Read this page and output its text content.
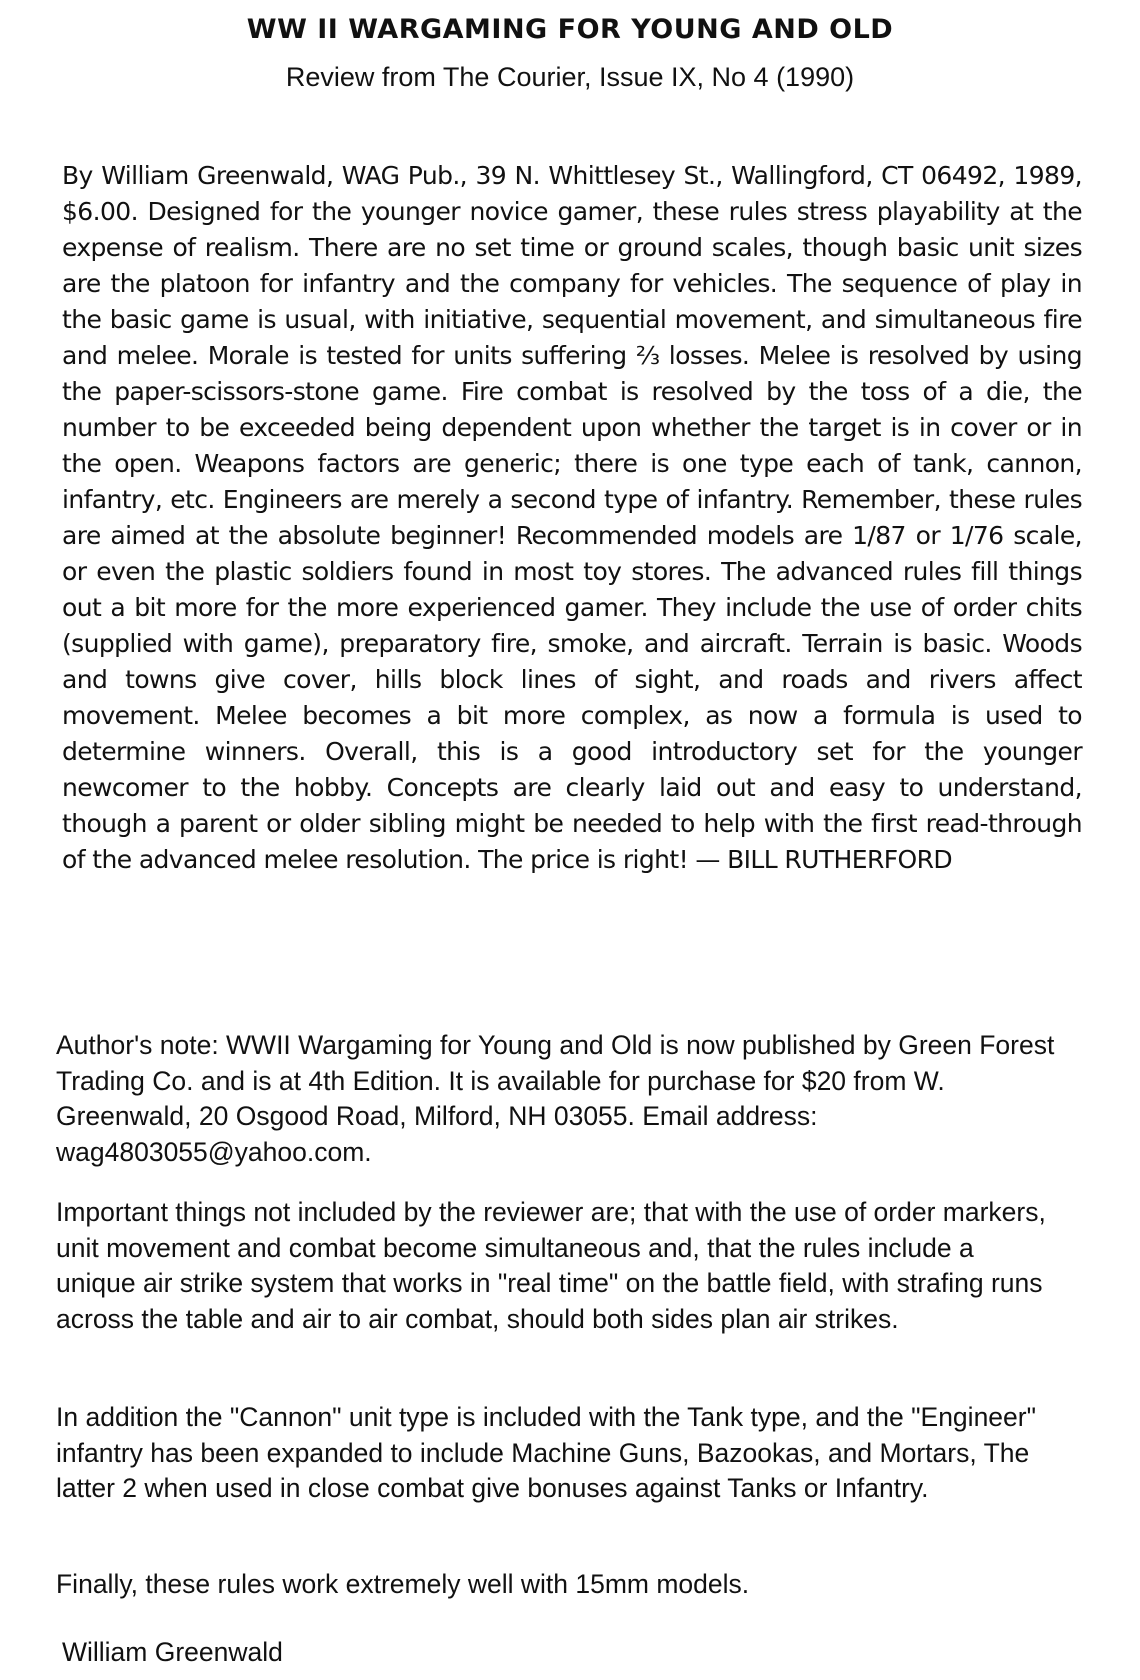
WW II WARGAMING FOR YOUNG AND OLD
Review from The Courier, Issue IX, No 4 (1990)
By William Greenwald, WAG Pub., 39 N. Whittlesey St., Wallingford, CT 06492, 1989, $6.00. Designed for the younger novice gamer, these rules stress playability at the expense of realism. There are no set time or ground scales, though basic unit sizes are the platoon for infantry and the company for vehicles. The sequence of play in the basic game is usual, with initiative, sequential movement, and simultaneous fire and melee. Morale is tested for units suffering ⅔ losses. Melee is resolved by using the paper-scissors-stone game. Fire combat is resolved by the toss of a die, the number to be exceeded being dependent upon whether the target is in cover or in the open. Weapons factors are generic; there is one type each of tank, cannon, infantry, etc. Engineers are merely a second type of infantry. Remember, these rules are aimed at the absolute beginner! Recommended models are 1/87 or 1/76 scale, or even the plastic soldiers found in most toy stores. The advanced rules fill things out a bit more for the more experienced gamer. They include the use of order chits (supplied with game), preparatory fire, smoke, and aircraft. Terrain is basic. Woods and towns give cover, hills block lines of sight, and roads and rivers affect movement. Melee becomes a bit more complex, as now a formula is used to determine winners. Overall, this is a good introductory set for the younger newcomer to the hobby. Concepts are clearly laid out and easy to understand, though a parent or older sibling might be needed to help with the first read-through of the advanced melee resolution. The price is right! — BILL RUTHERFORD
Author's note: WWII Wargaming for Young and Old is now published by Green Forest Trading Co. and is at 4th Edition. It is available for purchase for $20 from W. Greenwald, 20 Osgood Road, Milford, NH 03055. Email address: wag4803055@yahoo.com.
Important things not included by the reviewer are; that with the use of order markers, unit movement and combat become simultaneous and, that the rules include a unique air strike system that works in "real time" on the battle field, with strafing runs across the table and air to air combat, should both sides plan air strikes.
In addition the "Cannon" unit type is included with the Tank type, and the "Engineer" infantry has been expanded to include Machine Guns, Bazookas, and Mortars, The latter 2 when used in close combat give bonuses against Tanks or Infantry.
Finally, these rules work extremely well with 15mm models.
William Greenwald
